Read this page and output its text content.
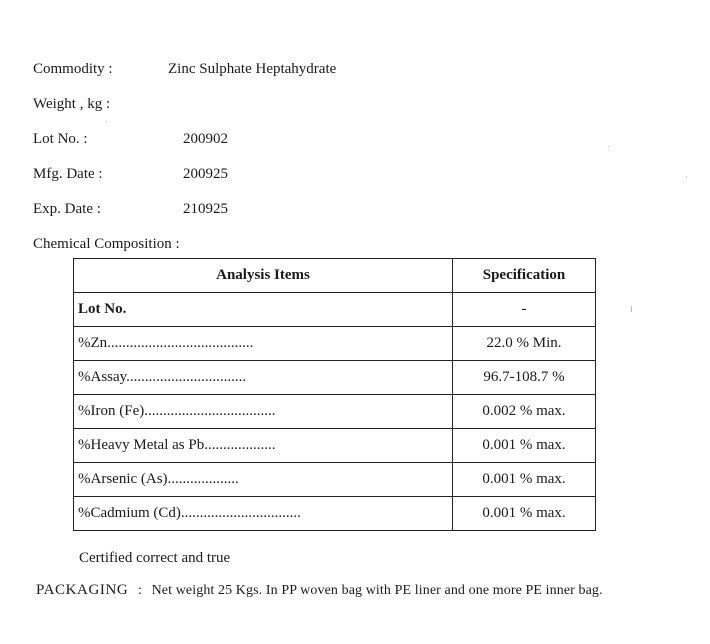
Commodity :	Zinc Sulphate Heptahydrate
Weight , kg :
Lot No. :	200902
Mfg. Date :	200925
Exp. Date :	210925
Chemical Composition :
Analysis Items	Specification
Lot No.	-
%Zn.......................................	22.0 % Min.
%Assay................................	96.7-108.7 %
%Iron (Fe)...................................	0.002 % max.
%Heavy Metal as Pb...................	0.001 % max.
%Arsenic (As)...................	0.001 % max.
%Cadmium (Cd)................................	0.001 % max.
Certified correct and true
PACKAGING : Net weight 25 Kgs. In PP woven bag with PE liner and one more PE inner bag.
